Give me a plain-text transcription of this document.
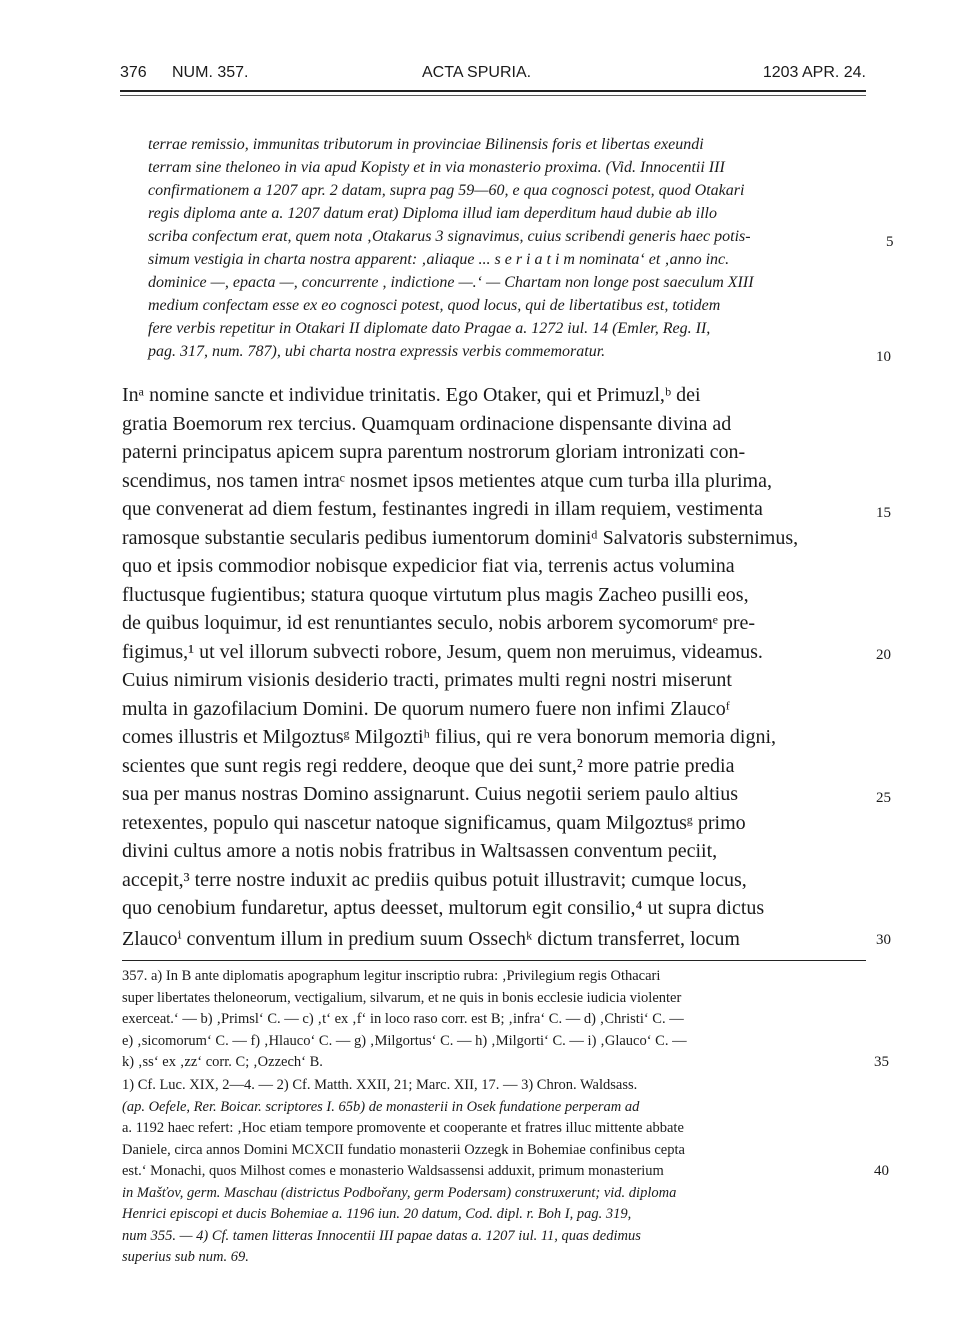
376 NUM. 357.	ACTA SPURIA.	1203 APR. 24.
terrae remissio, immunitas tributorum in provinciae Bilinensis foris et libertas exeundi
terram sine theloneo in via apud Kopisty et in via monasterio proxima. (Vid. Innocentii III
confirmationem a 1207 apr. 2 datam, supra pag 59—60, e qua cognosci potest, quod Otakari
regis diploma ante a. 1207 datum erat) Diploma illud iam deperditum haud dubie ab illo
scriba confectum erat, quem nota ‚Otakarus 3 signavimus, cuius scribendi generis haec potis-
simum vestigia in charta nostra apparent: ‚aliaque ... s e r i a t i m nominata‘ et ‚anno inc.
dominice —, epacta —, concurrente , indictione —.‘ — Chartam non longe post saeculum XIII
medium confectam esse ex eo cognosci potest, quod locus, qui de libertatibus est, totidem
fere verbis repetitur in Otakari II diplomate dato Pragae a. 1272 iul. 14 (Emler, Reg. II,
pag. 317, num. 787), ubi charta nostra expressis verbis commemoratur.
5
10
Inᵃ nomine sancte et individue trinitatis. Ego Otaker, qui et Primuzl,ᵇ dei
gratia Boemorum rex tercius. Quamquam ordinacione dispensante divina ad
paterni principatus apicem supra parentum nostrorum gloriam intronizati con-
scendimus, nos tamen intraᶜ nosmet ipsos metientes atque cum turba illa plurima,
que convenerat ad diem festum, festinantes ingredi in illam requiem, vestimenta
ramosque substantie secularis pedibus iumentorum dominiᵈ Salvatoris substernimus,
quo et ipsis commodior nobisque expedicior fiat via, terrenis actus volumina
fluctusque fugientibus; statura quoque virtutum plus magis Zacheo pusilli eos,
de quibus loquimur, id est renuntiantes seculo, nobis arborem sycomorumᵉ pre-
figimus,¹ ut vel illorum subvecti robore, Jesum, quem non meruimus, videamus.
Cuius nimirum visionis desiderio tracti, primates multi regni nostri miserunt
multa in gazofilacium Domini. De quorum numero fuere non infimi Zlaucoᶠ
comes illustris et Milgoztusᵍ Milgoztiʰ filius, qui re vera bonorum memoria digni,
scientes que sunt regis regi reddere, deoque que dei sunt,² more patrie predia
sua per manus nostras Domino assignarunt. Cuius negotii seriem paulo altius
retexentes, populo qui nascetur natoque significamus, quam Milgoztusᵍ primo
divini cultus amore a notis nobis fratribus in Waltsassen conventum peciit,
accepit,³ terre nostre induxit ac prediis quibus potuit illustravit; cumque locus,
quo cenobium fundaretur, aptus deesset, multorum egit consilio,⁴ ut supra dictus
Zlaucoⁱ conventum illum in predium suum Ossechᵏ dictum transferret, locum
15
20
25
30
357. a) In B ante diplomatis apographum legitur inscriptio rubra: ‚Privilegium regis Othacari
super libertates theloneorum, vectigalium, silvarum, et ne quis in bonis ecclesie iudicia violenter
exerceat.‘ — b) ‚Primsl‘ C. — c) ‚t‘ ex ‚f‘ in loco raso corr. est B; ‚infra‘ C. — d) ‚Christi‘ C. —
e) ‚sicomorum‘ C. — f) ‚Hlauco‘ C. — g) ‚Milgortus‘ C. — h) ‚Milgorti‘ C. — i) ‚Glauco‘ C. —
k) ‚ss‘ ex ‚zz‘ corr. C; ‚Ozzech‘ B.
1) Cf. Luc. XIX, 2—4. — 2) Cf. Matth. XXII, 21; Marc. XII, 17. — 3) Chron. Waldsass.
(ap. Oefele, Rer. Boicar. scriptores I. 65b) de monasterii in Osek fundatione perperam ad
a. 1192 haec refert: ‚Hoc etiam tempore promovente et cooperante et fratres illuc mittente abbate
Daniele, circa annos Domini MCXCII fundatio monasterii Ozzegk in Bohemiae confinibus cepta
est.‘ Monachi, quos Milhost comes e monasterio Waldsassensi adduxit, primum monasterium
in Mašťov, germ. Maschau (districtus Podbořany, germ Podersam) construxerunt; vid. diploma
Henrici episcopi et ducis Bohemiae a. 1196 iun. 20 datum, Cod. dipl. r. Boh I, pag. 319,
num 355. — 4) Cf. tamen litteras Innocentii III papae datas a. 1207 iul. 11, quas dedimus
superius sub num. 69.
35
40
